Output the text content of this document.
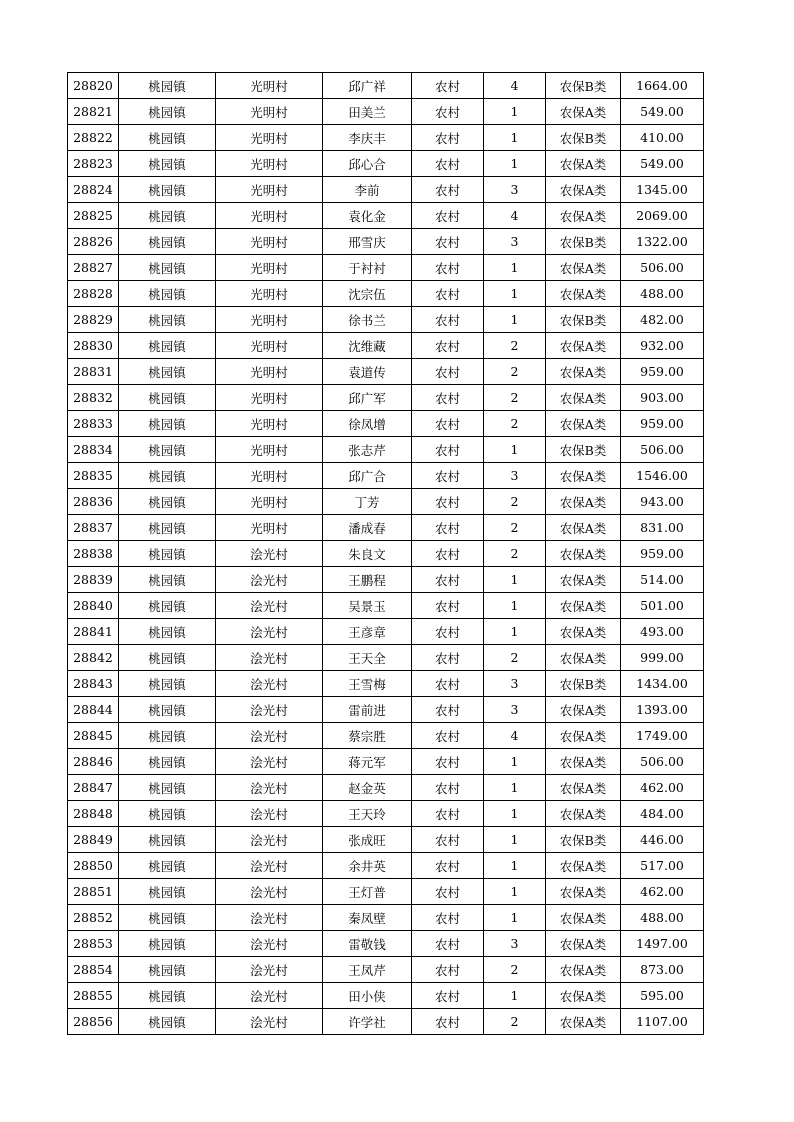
28820	桃园镇	光明村	邱广祥	农村	4	农保B类	1664.00
28821	桃园镇	光明村	田美兰	农村	1	农保A类	549.00
28822	桃园镇	光明村	李庆丰	农村	1	农保B类	410.00
28823	桃园镇	光明村	邱心合	农村	1	农保A类	549.00
28824	桃园镇	光明村	李前	农村	3	农保A类	1345.00
28825	桃园镇	光明村	袁化金	农村	4	农保A类	2069.00
28826	桃园镇	光明村	邢雪庆	农村	3	农保B类	1322.00
28827	桃园镇	光明村	于衬衬	农村	1	农保A类	506.00
28828	桃园镇	光明村	沈宗伍	农村	1	农保A类	488.00
28829	桃园镇	光明村	徐书兰	农村	1	农保B类	482.00
28830	桃园镇	光明村	沈维藏	农村	2	农保A类	932.00
28831	桃园镇	光明村	袁道传	农村	2	农保A类	959.00
28832	桃园镇	光明村	邱广军	农村	2	农保A类	903.00
28833	桃园镇	光明村	徐凤增	农村	2	农保A类	959.00
28834	桃园镇	光明村	张志芹	农村	1	农保B类	506.00
28835	桃园镇	光明村	邱广合	农村	3	农保A类	1546.00
28836	桃园镇	光明村	丁芳	农村	2	农保A类	943.00
28837	桃园镇	光明村	潘成春	农村	2	农保A类	831.00
28838	桃园镇	浍光村	朱良文	农村	2	农保A类	959.00
28839	桃园镇	浍光村	王鹏程	农村	1	农保A类	514.00
28840	桃园镇	浍光村	吴景玉	农村	1	农保A类	501.00
28841	桃园镇	浍光村	王彦章	农村	1	农保A类	493.00
28842	桃园镇	浍光村	王天全	农村	2	农保A类	999.00
28843	桃园镇	浍光村	王雪梅	农村	3	农保B类	1434.00
28844	桃园镇	浍光村	雷前进	农村	3	农保A类	1393.00
28845	桃园镇	浍光村	蔡宗胜	农村	4	农保A类	1749.00
28846	桃园镇	浍光村	蒋元军	农村	1	农保A类	506.00
28847	桃园镇	浍光村	赵金英	农村	1	农保A类	462.00
28848	桃园镇	浍光村	王天玲	农村	1	农保A类	484.00
28849	桃园镇	浍光村	张成旺	农村	1	农保B类	446.00
28850	桃园镇	浍光村	余井英	农村	1	农保A类	517.00
28851	桃园镇	浍光村	王灯普	农村	1	农保A类	462.00
28852	桃园镇	浍光村	秦凤壁	农村	1	农保A类	488.00
28853	桃园镇	浍光村	雷敬钱	农村	3	农保A类	1497.00
28854	桃园镇	浍光村	王凤芹	农村	2	农保A类	873.00
28855	桃园镇	浍光村	田小侠	农村	1	农保A类	595.00
28856	桃园镇	浍光村	许学社	农村	2	农保A类	1107.00
